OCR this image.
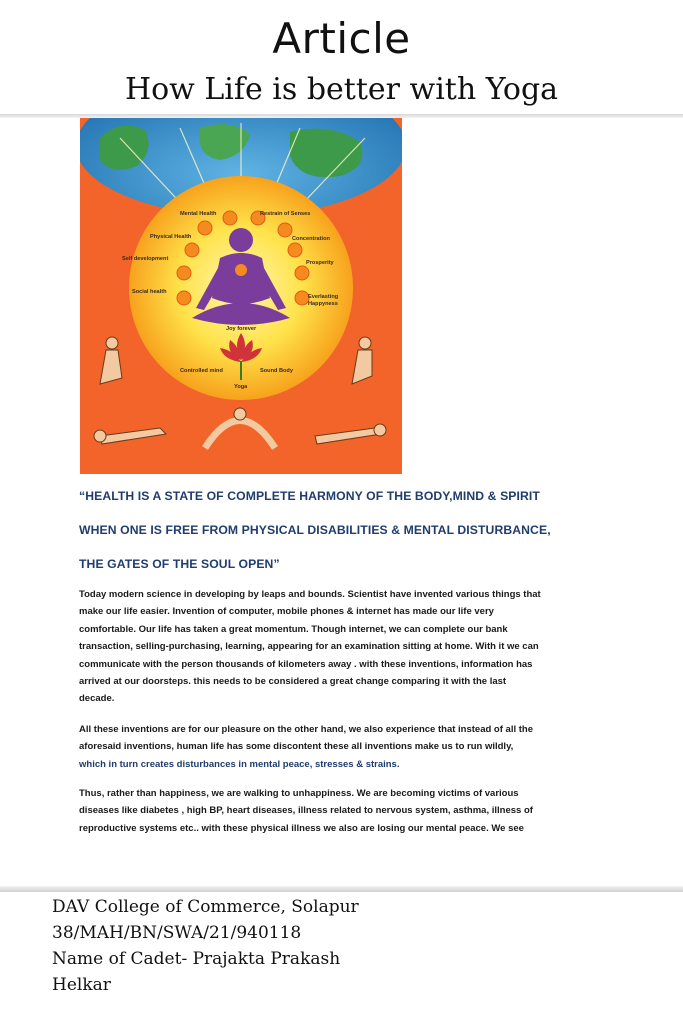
Article
How Life is better with Yoga
Mental Health	Restrain of Senses
Physical Health	Concentration
Self development
Prosperity
Social health
Everlasting
Happyness
Joy forever
Controlled mind	Sound Body
Yoga
“HEALTH IS A STATE OF COMPLETE HARMONY OF THE BODY,MIND & SPIRIT
WHEN ONE IS FREE FROM PHYSICAL DISABILITIES & MENTAL DISTURBANCE,
THE GATES OF THE SOUL OPEN”
Today modern science in developing by leaps and bounds. Scientist have invented various things that
make our life easier. Invention of computer, mobile phones & internet has made our life very
comfortable. Our life has taken a great momentum. Though internet, we can complete our bank
transaction, selling-purchasing, learning, appearing for an examination sitting at home. With it we can
communicate with the person thousands of kilometers away . with these inventions, information has
arrived at our doorsteps. this needs to be considered a great change comparing it with the last
decade.
All these inventions are for our pleasure on the other hand, we also experience that instead of all the
aforesaid inventions, human life has some discontent these all inventions make us to run wildly,
which in turn creates disturbances in mental peace, stresses & strains.
Thus, rather than happiness, we are walking to unhappiness. We are becoming victims of various
diseases like diabetes , high BP, heart diseases, illness related to nervous system, asthma, illness of
reproductive systems etc.. with these physical illness we also are losing our mental peace. We see
DAV College of Commerce, Solapur
38/MAH/BN/SWA/21/940118
Name of Cadet- Prajakta Prakash
Helkar
